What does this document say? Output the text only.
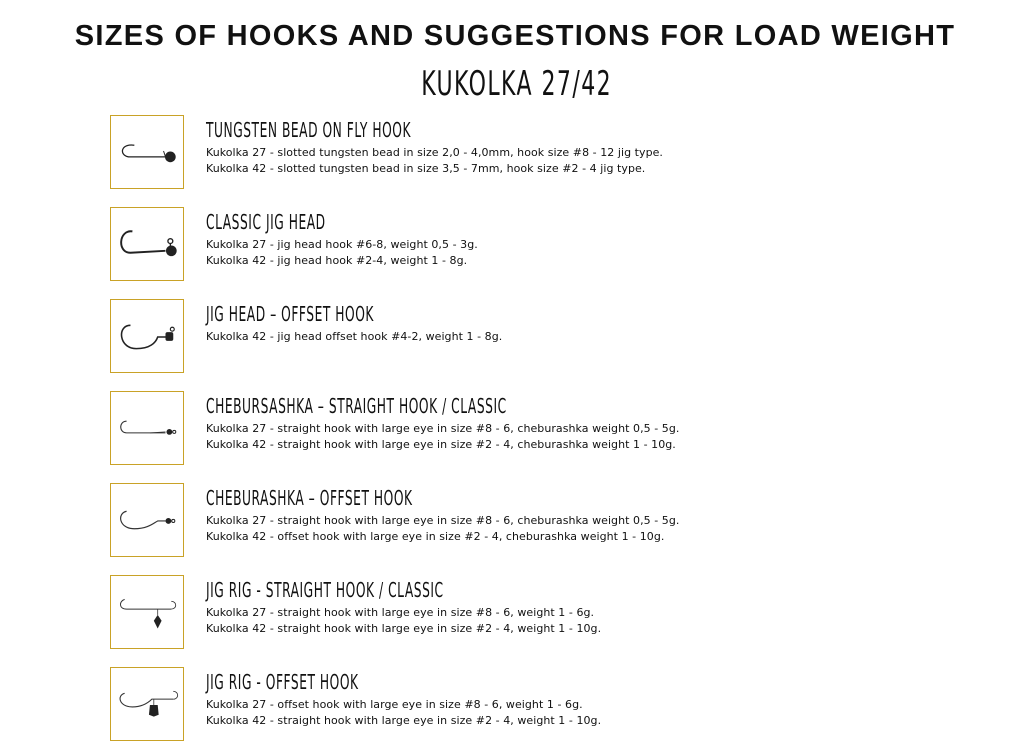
SIZES OF HOOKS AND SUGGESTIONS FOR LOAD WEIGHT
KUKOLKA 27/42
TUNGSTEN BEAD ON FLY HOOK
Kukolka 27 - slotted tungsten bead in size 2,0 - 4,0mm, hook size #8 - 12 jig type.
Kukolka 42 - slotted tungsten bead in size 3,5 - 7mm, hook size #2 - 4 jig type.
CLASSIC JIG HEAD
Kukolka 27 - jig head hook #6-8, weight 0,5 - 3g.
Kukolka 42 - jig head hook #2-4, weight 1 - 8g.
JIG HEAD – OFFSET HOOK
Kukolka 42 - jig head offset hook #4-2, weight 1 - 8g.
CHEBURSASHKA – STRAIGHT HOOK / CLASSIC
Kukolka 27 - straight hook with large eye in size #8 - 6, cheburashka weight 0,5 - 5g.
Kukolka 42 - straight hook with large eye in size #2 - 4, cheburashka weight 1 - 10g.
CHEBURASHKA – OFFSET HOOK
Kukolka 27 - straight hook with large eye in size #8 - 6, cheburashka weight 0,5 - 5g.
Kukolka 42 - offset hook with large eye in size #2 - 4, cheburashka weight 1 - 10g.
JIG RIG - STRAIGHT HOOK / CLASSIC
Kukolka 27 - straight hook with large eye in size #8 - 6, weight 1 - 6g.
Kukolka 42 - straight hook with large eye in size #2 - 4, weight 1 - 10g.
JIG RIG - OFFSET HOOK
Kukolka 27 - offset hook with large eye in size #8 - 6, weight 1 - 6g.
Kukolka 42 - straight hook with large eye in size #2 - 4, weight 1 - 10g.
